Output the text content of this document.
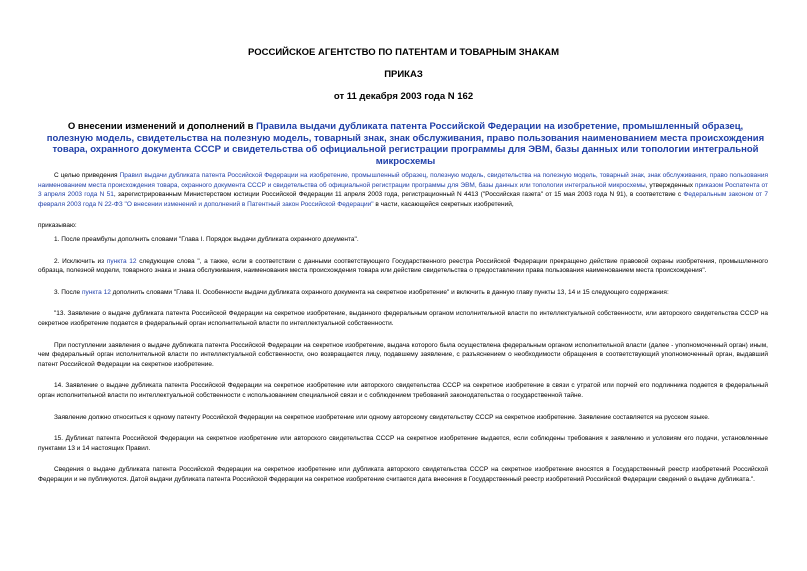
РОССИЙСКОЕ АГЕНТСТВО ПО ПАТЕНТАМ И ТОВАРНЫМ ЗНАКАМ

ПРИКАЗ

от 11 декабря 2003 года N 162

О внесении изменений и дополнений в Правила выдачи дубликата патента Российской Федерации на изобретение, промышленный образец, полезную модель, свидетельства на полезную модель, товарный знак, знак обслуживания, право пользования наименованием места происхождения товара, охранного документа СССР и свидетельства об официальной регистрации программы для ЭВМ, базы данных или топологии интегральной микросхемы

С целью приведения Правил выдачи дубликата патента Российской Федерации на изобретение, промышленный образец, полезную модель, свидетельства на полезную модель, товарный знак, знак обслуживания, право пользования наименованием места происхождения товара, охранного документа СССР и свидетельства об официальной регистрации программы для ЭВМ, базы данных или топологии интегральной микросхемы, утвержденных приказом Роспатента от 3 апреля 2003 года N 51, зарегистрированным Министерством юстиции Российской Федерации 11 апреля 2003 года, регистрационный N 4413 ("Российская газета" от 15 мая 2003 года N 91), в соответствие с Федеральным законом от 7 февраля 2003 года N 22-ФЗ "О внесении изменений и дополнений в Патентный закон Российской Федерации" в части, касающейся секретных изобретений,

приказываю:

1. После преамбулы дополнить словами "Глава I. Порядок выдачи дубликата охранного документа".

2. Исключить из пункта 12 следующие слова ", а также, если в соответствии с данными соответствующего Государственного реестра Российской Федерации прекращено действие правовой охраны изобретения, промышленного образца, полезной модели, товарного знака и знака обслуживания, наименования места происхождения товара или действие свидетельства о предоставлении права пользования наименованием места происхождения".

3. После пункта 12 дополнить словами "Глава II. Особенности выдачи дубликата охранного документа на секретное изобретение" и включить в данную главу пункты 13, 14 и 15 следующего содержания:

"13. Заявление о выдаче дубликата патента Российской Федерации на секретное изобретение, выданного федеральным органом исполнительной власти по интеллектуальной собственности, или авторского свидетельства СССР на секретное изобретение подается в федеральный орган исполнительной власти по интеллектуальной собственности.

При поступлении заявления о выдаче дубликата патента Российской Федерации на секретное изобретение, выдача которого была осуществлена федеральным органом исполнительной власти (далее - уполномоченный орган) иным, чем федеральный орган исполнительной власти по интеллектуальной собственности, оно возвращается лицу, подавшему заявление, с разъяснением о необходимости обращения в соответствующий уполномоченный орган, выдавший патент Российской Федерации на секретное изобретение.

14. Заявление о выдаче дубликата патента Российской Федерации на секретное изобретение или авторского свидетельства СССР на секретное изобретение в связи с утратой или порчей его подлинника подается в федеральный орган исполнительной власти по интеллектуальной собственности с использованием специальной связи и с соблюдением требований законодательства о государственной тайне.

Заявление должно относиться к одному патенту Российской Федерации на секретное изобретение или одному авторскому свидетельству СССР на секретное изобретение. Заявление составляется на русском языке.

15. Дубликат патента Российской Федерации на секретное изобретение или авторского свидетельства СССР на секретное изобретение выдается, если соблюдены требования к заявлению и условиям его подачи, установленные пунктами 13 и 14 настоящих Правил.

Сведения о выдаче дубликата патента Российской Федерации на секретное изобретение или дубликата авторского свидетельства СССР на секретное изобретение вносятся в Государственный реестр изобретений Российской Федерации и не публикуются. Датой выдачи дубликата патента Российской Федерации на секретное изобретение считается дата внесения в Государственный реестр изобретений Российской Федерации сведений о выдаче дубликата.".
